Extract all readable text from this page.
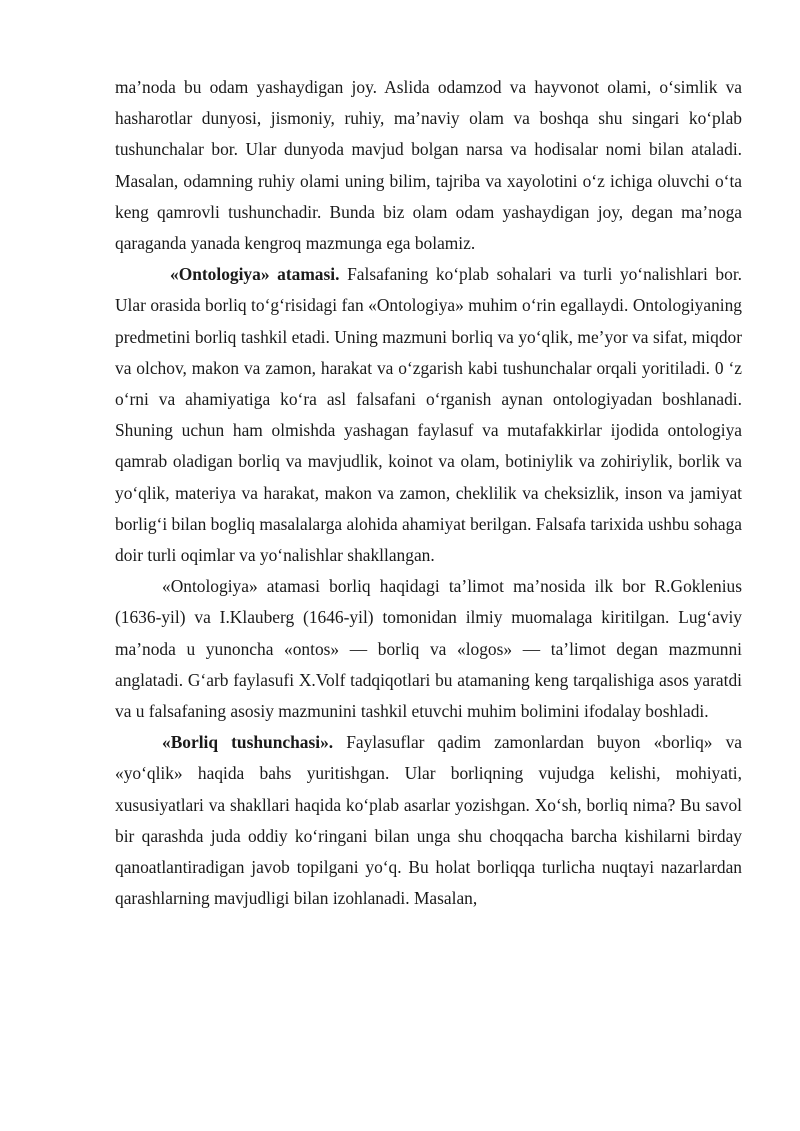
ma’noda bu odam yashaydigan joy. Aslida odamzod va hayvonot olami, o‘simlik va hasharotlar dunyosi, jismoniy, ruhiy, ma’naviy olam va boshqa shu singari ko‘plab tushunchalar bor. Ular dunyoda mavjud bolgan narsa va hodisalar nomi bilan ataladi. Masalan, odamning ruhiy olami uning bilim, tajriba va xayolotini o‘z ichiga oluvchi o‘ta keng qamrovli tushunchadir. Bunda biz olam odam yashaydigan joy, degan ma’noga qaraganda yanada kengroq mazmunga ega bolamiz.

«Ontologiya» atamasi. Falsafaning ko‘plab sohalari va turli yo‘nalishlari bor. Ular orasida borliq to‘g‘risidagi fan «Ontologiya» muhim o‘rin egallaydi. Ontologiyaning predmetini borliq tashkil etadi. Uning mazmuni borliq va yo‘qlik, me’yor va sifat, miqdor va olchov, makon va zamon, harakat va o‘zgarish kabi tushunchalar orqali yoritiladi. 0 ‘z o‘rni va ahamiyatiga ko‘ra asl falsafani o‘rganish aynan ontologiyadan boshlanadi. Shuning uchun ham olmishda yashagan faylasuf va mutafakkirlar ijodida ontologiya qamrab oladigan borliq va mavjudlik, koinot va olam, botiniylik va zohiriylik, borlik va yo‘qlik, materiya va harakat, makon va zamon, cheklilik va cheksizlik, inson va jamiyat borlig‘i bilan bogliq masalalarga alohida ahamiyat berilgan. Falsafa tarixida ushbu sohaga doir turli oqimlar va yo‘nalishlar shakllangan.

«Ontologiya» atamasi borliq haqidagi ta’limot ma’nosida ilk bor R.Goklenius (1636-yil) va I.Klauberg (1646-yil) tomonidan ilmiy muomalaga kiritilgan. Lug‘aviy ma’noda u yunoncha «ontos» — borliq va «logos» — ta’limot degan mazmunni anglatadi. G‘arb faylasufi X.Volf tadqiqotlari bu atamaning keng tarqalishiga asos yaratdi va u falsafaning asosiy mazmunini tashkil etuvchi muhim bolimini ifodalay boshladi.

«Borliq tushunchasi». Faylasuflar qadim zamonlardan buyon «borliq» va «yo‘qlik» haqida bahs yuritishgan. Ular borliqning vujudga kelishi, mohiyati, xususiyatlari va shakllari haqida ko‘plab asarlar yozishgan. Xo‘sh, borliq nima? Bu savol bir qarashda juda oddiy ko‘ringani bilan unga shu choqqacha barcha kishilarni birday qanoatlantiradigan javob topilgani yo‘q. Bu holat borliqqa turlicha nuqtayi nazarlardan qarashlarning mavjudligi bilan izohlanadi. Masalan,
